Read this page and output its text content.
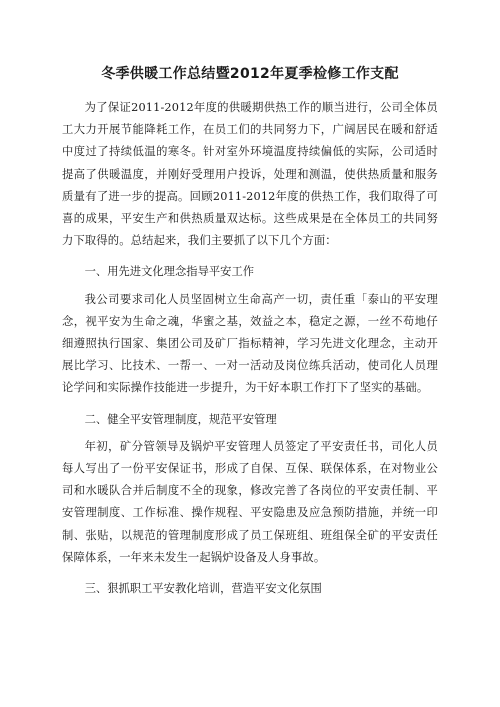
冬季供暖工作总结暨2012年夏季检修工作支配

为了保证2011-2012年度的供暖期供热工作的顺当进行，公司全体员工大力开展节能降耗工作，在员工们的共同努力下，广阔居民在暖和舒适中度过了持续低温的寒冬。针对室外环境温度持续偏低的实际，公司适时提高了供暖温度，并刚好受理用户投诉，处理和测温，使供热质量和服务质量有了进一步的提高。回顾2011-2012年度的供热工作，我们取得了可喜的成果，平安生产和供热质量双达标。这些成果是在全体员工的共同努力下取得的。总结起来，我们主要抓了以下几个方面：

一、用先进文化理念指导平安工作

我公司要求司化人员坚固树立生命高产一切，责任重「泰山的平安理念，视平安为生命之魂，华蜜之基，效益之本，稳定之源，一丝不苟地仔细遵照执行国家、集团公司及矿厂指标精神，学习先进文化理念，主动开展比学习、比技术、一帮一、一对一活动及岗位练兵活动，使司化人员理论学问和实际操作技能进一步提升，为干好本职工作打下了坚实的基础。

二、健全平安管理制度，规范平安管理

年初，矿分管领导及锅炉平安管理人员签定了平安责任书，司化人员每人写出了一份平安保证书，形成了自保、互保、联保体系，在对物业公司和水暖队合并后制度不全的现象，修改完善了各岗位的平安责任制、平安管理制度、工作标准、操作规程、平安隐患及应急预防措施，并统一印制、张贴，以规范的管理制度形成了员工保班组、班组保全矿的平安责任保障体系，一年来未发生一起锅炉设备及人身事故。

三、狠抓职工平安教化培训，营造平安文化氛围
